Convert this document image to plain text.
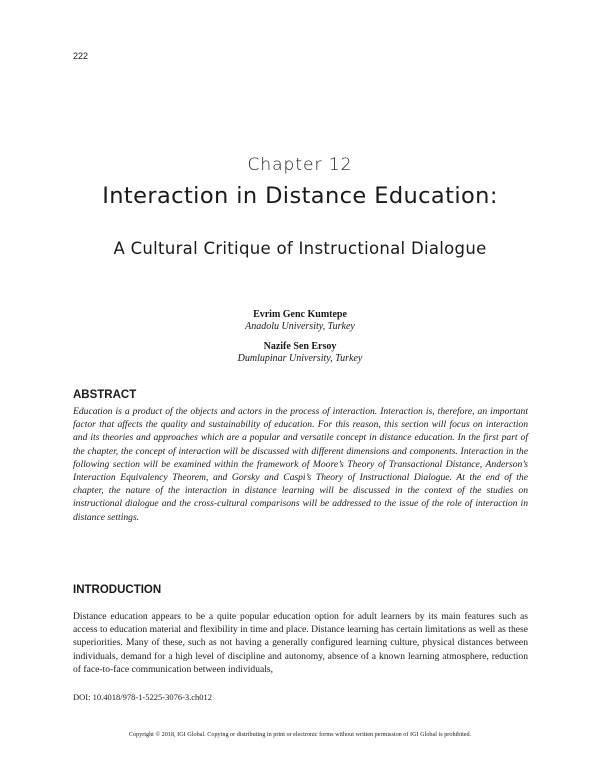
222
Chapter 12
Interaction in Distance Education:
A Cultural Critique of Instructional Dialogue
Evrim Genc Kumtepe
Anadolu University, Turkey
Nazife Sen Ersoy
Dumlupinar University, Turkey
ABSTRACT
Education is a product of the objects and actors in the process of interaction. Interaction is, therefore, an important factor that affects the quality and sustainability of education. For this reason, this section will focus on interaction and its theories and approaches which are a popular and versatile concept in distance education. In the first part of the chapter, the concept of interaction will be discussed with different dimensions and components. Interaction in the following section will be examined within the framework of Moore’s Theory of Transactional Distance, Anderson’s Interaction Equivalency Theorem, and Gorsky and Caspi’s Theory of Instructional Dialogue. At the end of the chapter, the nature of the interaction in distance learning will be discussed in the context of the studies on instructional dialogue and the cross-cultural comparisons will be addressed to the issue of the role of interaction in distance settings.
INTRODUCTION
Distance education appears to be a quite popular education option for adult learners by its main features such as access to education material and flexibility in time and place. Distance learning has certain limitations as well as these superiorities. Many of these, such as not having a generally configured learning culture, physical distances between individuals, demand for a high level of discipline and autonomy, absence of a known learning atmosphere, reduction of face-to-face communication between individuals,
DOI: 10.4018/978-1-5225-3076-3.ch012
Copyright © 2018, IGI Global. Copying or distributing in print or electronic forms without written permission of IGI Global is prohibited.
